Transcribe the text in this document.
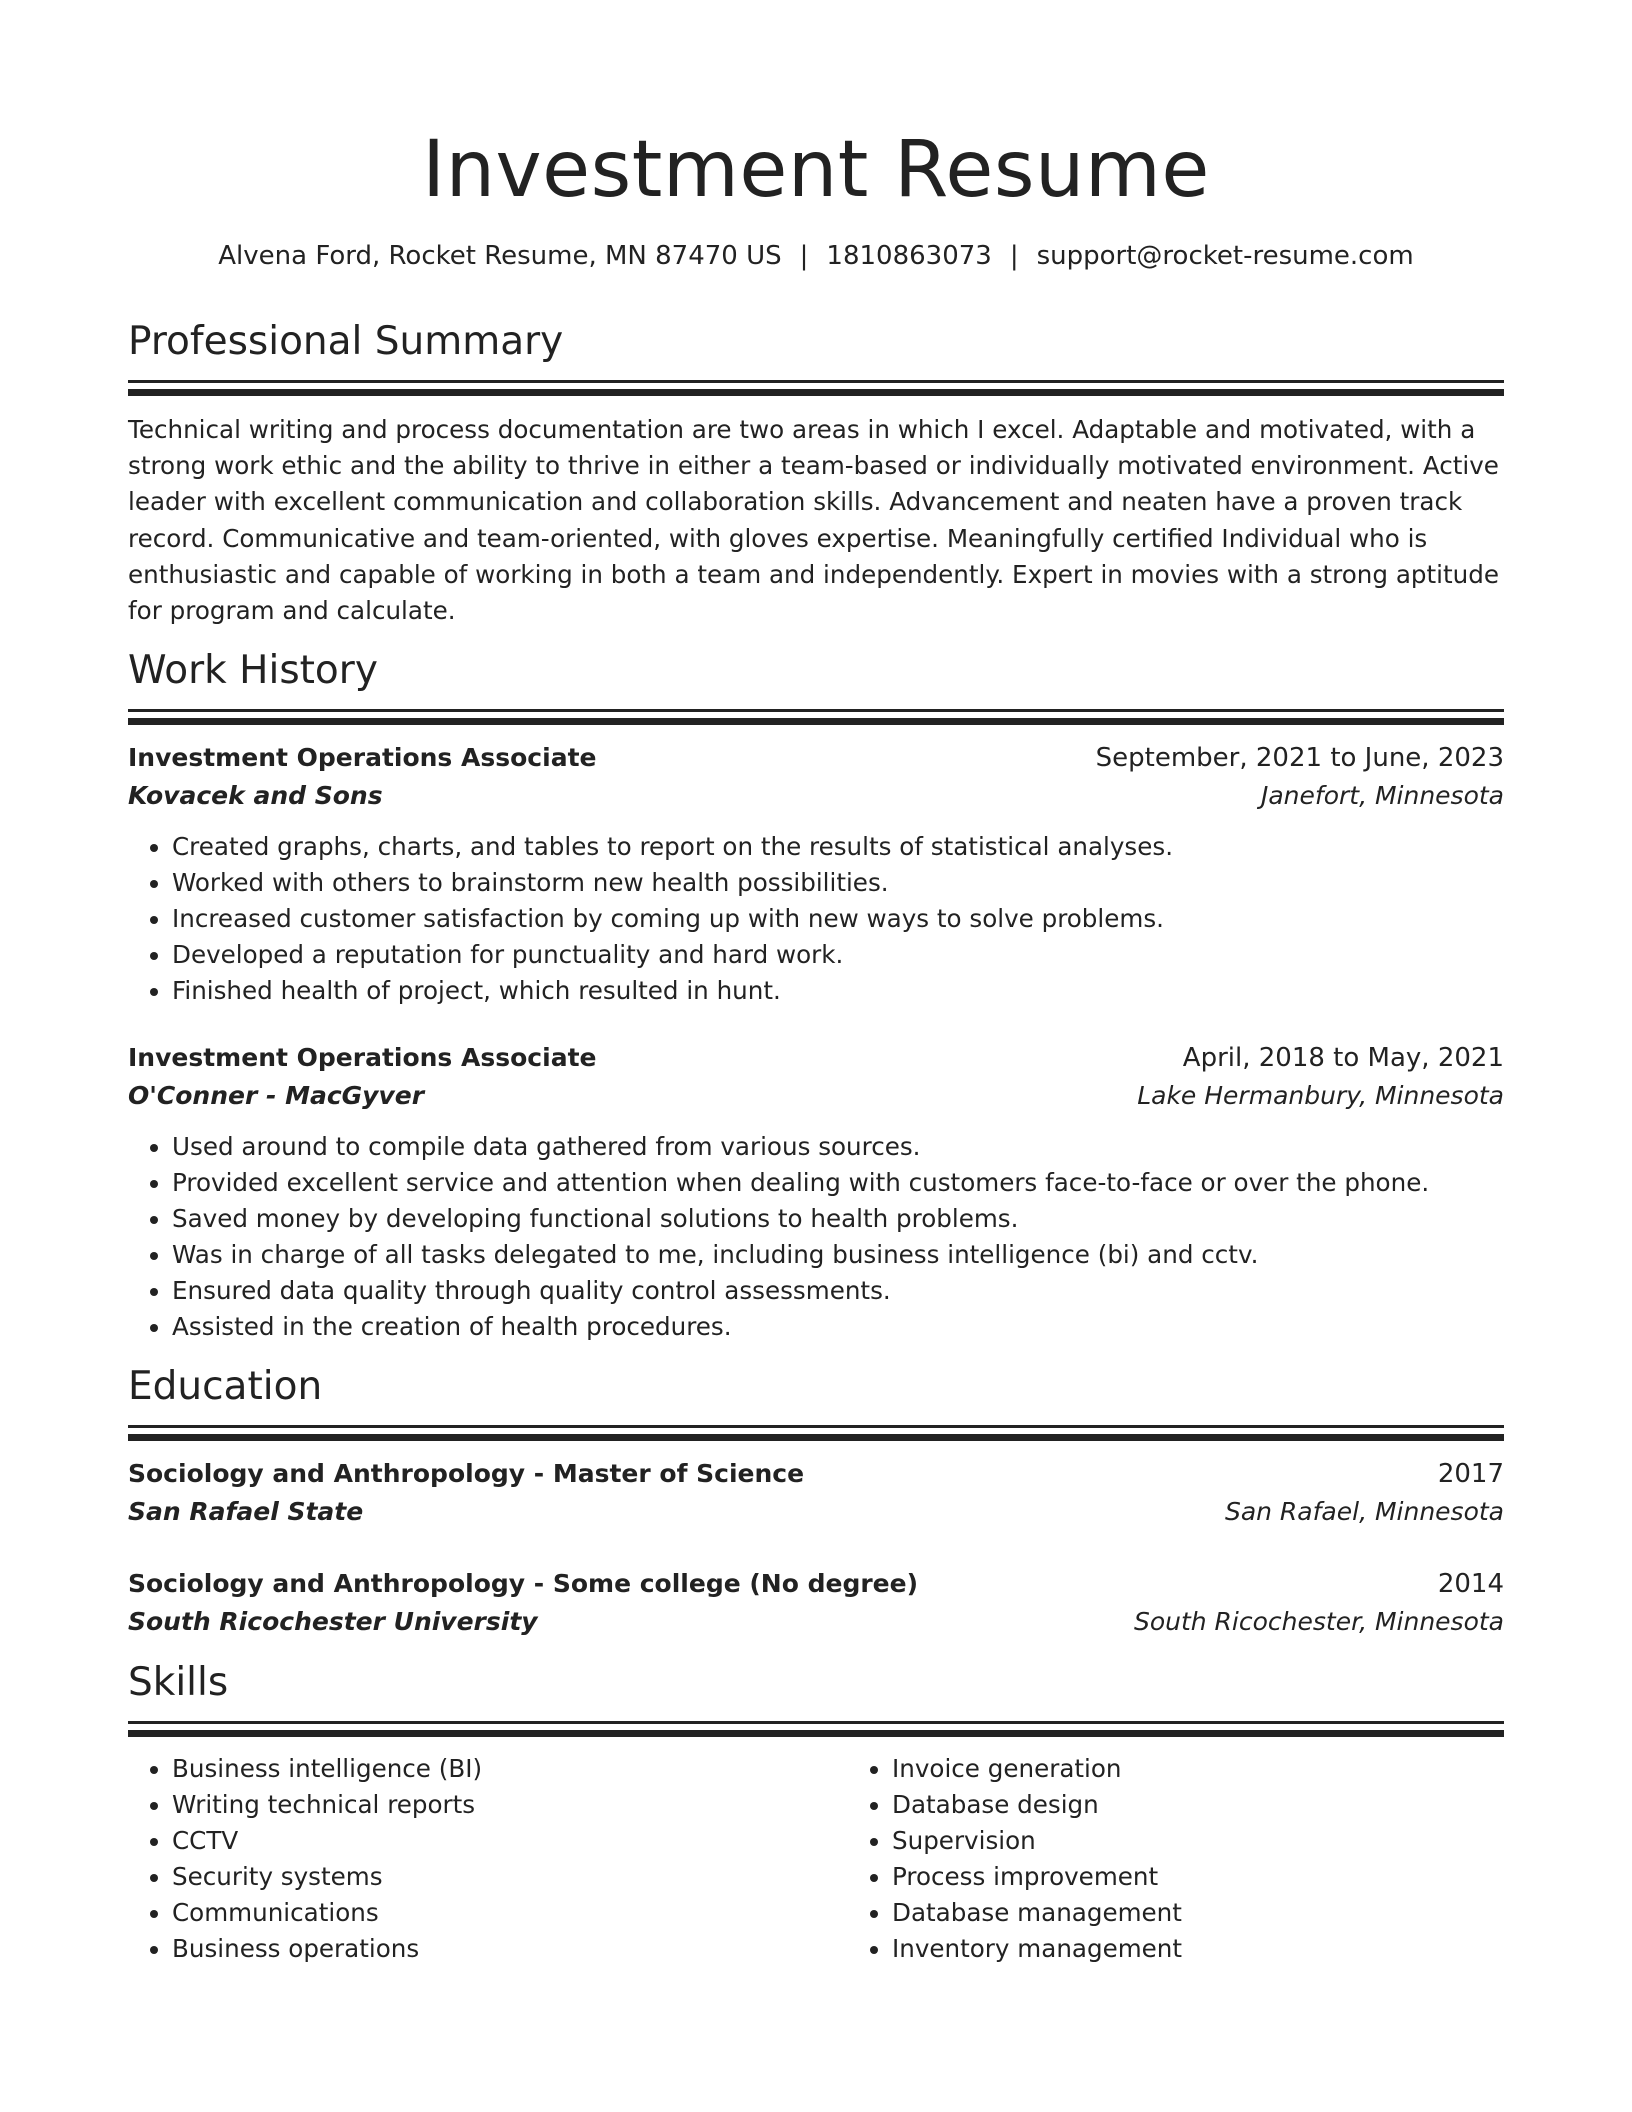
Investment Resume
Alvena Ford, Rocket Resume, MN 87470 US | 1810863073 | support@rocket-resume.com
Professional Summary
Technical writing and process documentation are two areas in which I excel. Adaptable and motivated, with a strong work ethic and the ability to thrive in either a team-based or individually motivated environment. Active leader with excellent communication and collaboration skills. Advancement and neaten have a proven track record. Communicative and team-oriented, with gloves expertise. Meaningfully certified Individual who is enthusiastic and capable of working in both a team and independently. Expert in movies with a strong aptitude for program and calculate.
Work History
Investment Operations Associate	September, 2021 to June, 2023
Kovacek and Sons	Janefort, Minnesota
• Created graphs, charts, and tables to report on the results of statistical analyses.
• Worked with others to brainstorm new health possibilities.
• Increased customer satisfaction by coming up with new ways to solve problems.
• Developed a reputation for punctuality and hard work.
• Finished health of project, which resulted in hunt.
Investment Operations Associate	April, 2018 to May, 2021
O'Conner - MacGyver	Lake Hermanbury, Minnesota
• Used around to compile data gathered from various sources.
• Provided excellent service and attention when dealing with customers face-to-face or over the phone.
• Saved money by developing functional solutions to health problems.
• Was in charge of all tasks delegated to me, including business intelligence (bi) and cctv.
• Ensured data quality through quality control assessments.
• Assisted in the creation of health procedures.
Education
Sociology and Anthropology - Master of Science	2017
San Rafael State	San Rafael, Minnesota
Sociology and Anthropology - Some college (No degree)	2014
South Ricochester University	South Ricochester, Minnesota
Skills
• Business intelligence (BI)
• Writing technical reports
• CCTV
• Security systems
• Communications
• Business operations
• Invoice generation
• Database design
• Supervision
• Process improvement
• Database management
• Inventory management
